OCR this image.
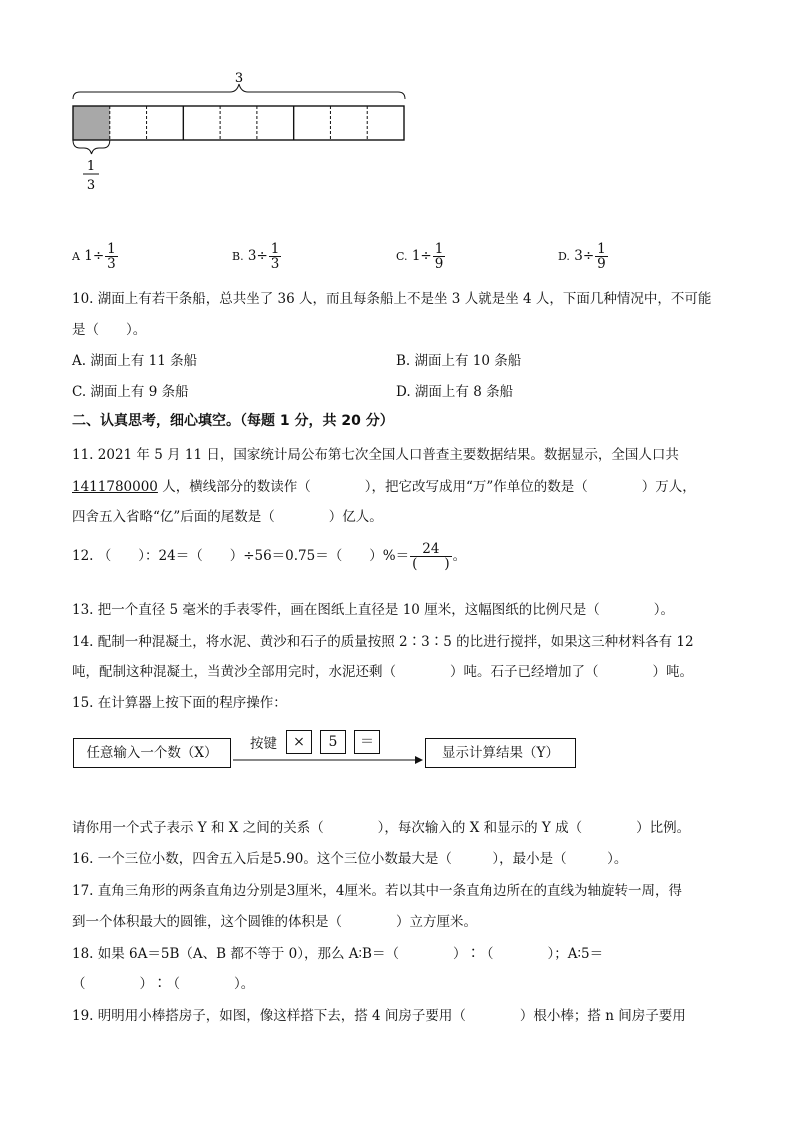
3
1
3
A $1\div \frac{1}{3}$	B. $3\div \frac{1}{3}$	C. $1\div \frac{1}{9}$	D. $3\div \frac{1}{9}$
10. 湖面上有若干条船，总共坐了 36 人，而且每条船上不是坐 3 人就是坐 4 人，下面几种情况中，不可能
是（　　）。
A. 湖面上有 11 条船	B. 湖面上有 10 条船
C. 湖面上有 9 条船	D. 湖面上有 8 条船
二、认真思考，细心填空。（每题 1 分，共 20 分）
11. 2021 年 5 月 11 日，国家统计局公布第七次全国人口普查主要数据结果。数据显示，全国人口共
1411780000 人，横线部分的数读作（　　　　），把它改写成用“万”作单位的数是（　　　　）万人，
四舍五入省略“亿”后面的尾数是（　　　　）亿人。
12. （　　）：24＝（　　）÷56＝0.75＝（　　）%＝ $\frac{24}{( )}$ 。
13. 把一个直径 5 毫米的手表零件，画在图纸上直径是 10 厘米，这幅图纸的比例尺是（　　　　）。
14. 配制一种混凝土，将水泥、黄沙和石子的质量按照 2∶3∶5 的比进行搅拌，如果这三种材料各有 12
吨，配制这种混凝土，当黄沙全部用完时，水泥还剩（　　　　）吨。石子已经增加了（　　　　）吨。
15. 在计算器上按下面的程序操作：
任意输入一个数（X）
按键	×	5	＝
显示计算结果（Y）
请你用一个式子表示 Y 和 X 之间的关系（　　　　），每次输入的 X 和显示的 Y 成（　　　　）比例。
16. 一个三位小数，四舍五入后是5.90。这个三位小数最大是（　　　），最小是（　　　）。
17. 直角三角形的两条直角边分别是3厘米，4厘米。若以其中一条直角边所在的直线为轴旋转一周，得
到一个体积最大的圆锥，这个圆锥的体积是（　　　　）立方厘米。
18. 如果 6A＝5B（A、B 都不等于 0），那么 A∶B＝（　　　　）∶（　　　　）；A∶5＝
（　　　　）∶（　　　　）。
19. 明明用小棒搭房子，如图，像这样搭下去，搭 4 间房子要用（　　　　）根小棒；搭 n 间房子要用
